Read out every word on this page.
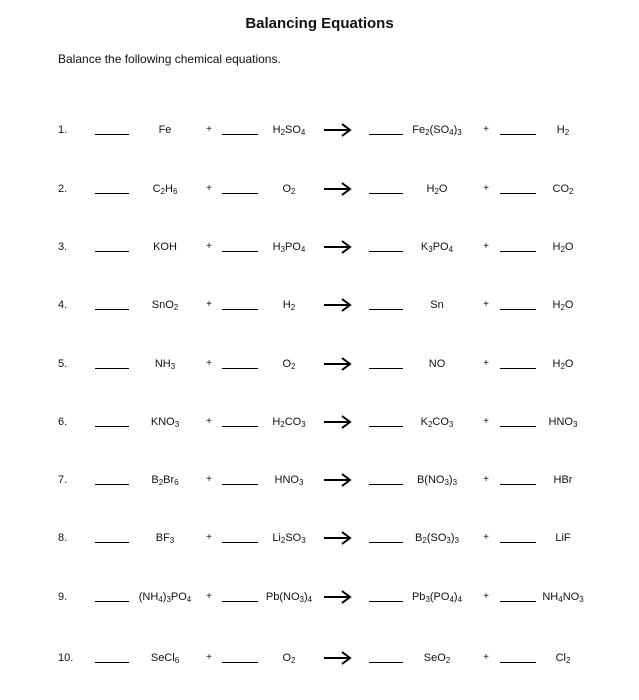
Balancing Equations
Balance the following chemical equations.
1.	Fe	+	$H_2SO_4$	$Fe_2(SO_4)_3$ +	$H_2$
2.	$C_2H_6$	+	$O_2$	$H_2O$	+	$CO_2$
3.	KOH	+	$H_3PO_4$	$K_3PO_4$	+	$H_2O$
4.	SnO$_2$	+	$H_2$	Sn	+	$H_2O$
5.	$NH_3$	+	$O_2$	NO	+	$H_2O$
6.	$KNO_3$	+	$H_2CO_3$	$K_2CO_3$	+	$HNO_3$
7.	$B_2Br_6$	+	$HNO_3$	$B(NO_3)_3$	+	HBr
8.	$BF_3$	+	$Li_2SO_3$	$B_2(SO_3)_3$ +	LiF
9.	$(NH_4)_3PO_4$ +	$Pb(NO_3)_4$	$Pb_3(PO_4)_4$ +	$NH_4NO_3$
10.	SeCl$_6$	+	$O_2$	SeO$_2$	+	$Cl_2$
